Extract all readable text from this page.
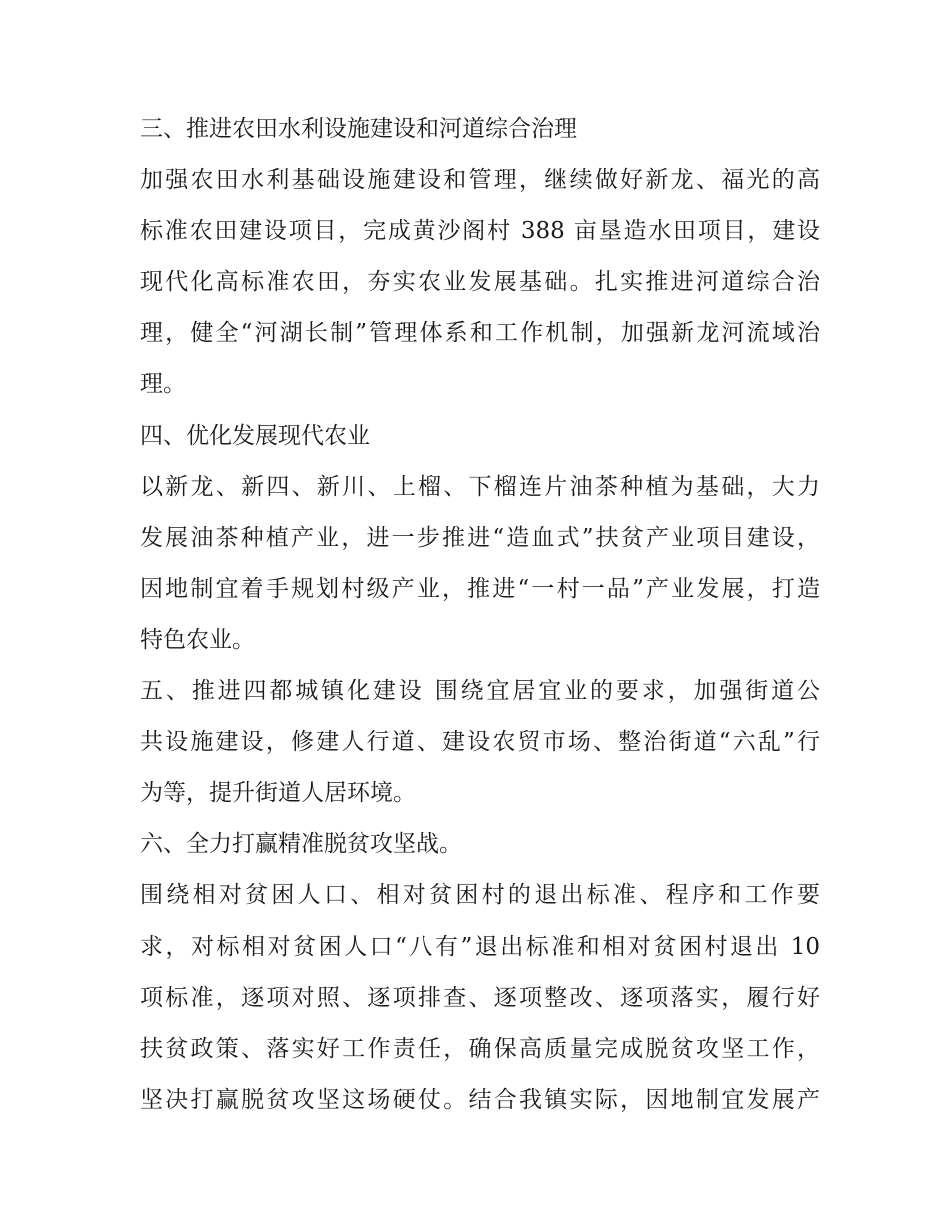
三、推进农田水利设施建设和河道综合治理
加强农田水利基础设施建设和管理，继续做好新龙、福光的高
标准农田建设项目，完成黄沙阁村 388 亩垦造水田项目，建设
现代化高标准农田，夯实农业发展基础。扎实推进河道综合治
理，健全“河湖长制”管理体系和工作机制，加强新龙河流域治
理。
四、优化发展现代农业
以新龙、新四、新川、上榴、下榴连片油茶种植为基础，大力
发展油茶种植产业，进一步推进“造血式”扶贫产业项目建设，
因地制宜着手规划村级产业，推进“一村一品”产业发展，打造
特色农业。
五、推进四都城镇化建设 围绕宜居宜业的要求，加强街道公
共设施建设，修建人行道、建设农贸市场、整治街道“六乱”行
为等，提升街道人居环境。
六、全力打赢精准脱贫攻坚战。
围绕相对贫困人口、相对贫困村的退出标准、程序和工作要
求，对标相对贫困人口“八有”退出标准和相对贫困村退出 10
项标准，逐项对照、逐项排查、逐项整改、逐项落实，履行好
扶贫政策、落实好工作责任，确保高质量完成脱贫攻坚工作，
坚决打赢脱贫攻坚这场硬仗。结合我镇实际，因地制宜发展产
